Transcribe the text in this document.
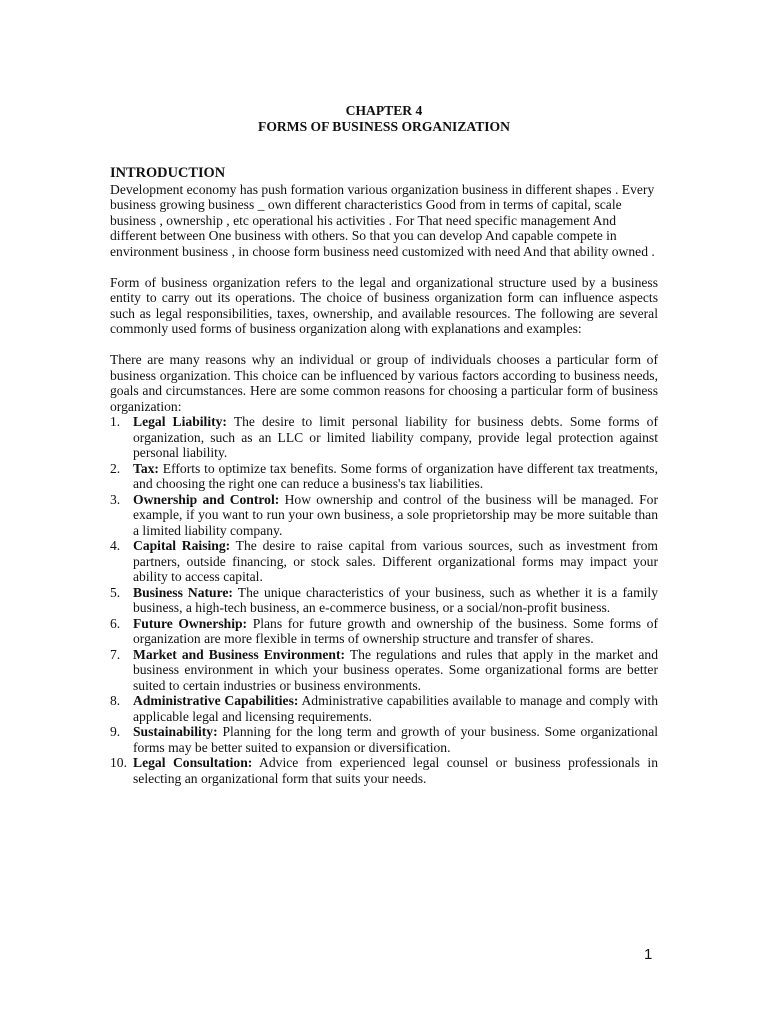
CHAPTER 4
FORMS OF BUSINESS ORGANIZATION
INTRODUCTION

Development economy has push formation various organization business in different shapes . Every business growing business _ own different characteristics Good from in terms of capital, scale business , ownership , etc operational his activities . For That need specific management And different between One business with others. So that you can develop And capable compete in environment business , in choose form business need customized with need And that ability owned .

Form of business organization refers to the legal and organizational structure used by a business entity to carry out its operations. The choice of business organization form can influence aspects such as legal responsibilities, taxes, ownership, and available resources. The following are several commonly used forms of business organization along with explanations and examples:

There are many reasons why an individual or group of individuals chooses a particular form of business organization. This choice can be influenced by various factors according to business needs, goals and circumstances. Here are some common reasons for choosing a particular form of business organization:

1. Legal Liability: The desire to limit personal liability for business debts. Some forms of organization, such as an LLC or limited liability company, provide legal protection against personal liability.
2. Tax: Efforts to optimize tax benefits. Some forms of organization have different tax treatments, and choosing the right one can reduce a business's tax liabilities.
3. Ownership and Control: How ownership and control of the business will be managed. For example, if you want to run your own business, a sole proprietorship may be more suitable than a limited liability company.
4. Capital Raising: The desire to raise capital from various sources, such as investment from partners, outside financing, or stock sales. Different organizational forms may impact your ability to access capital.
5. Business Nature: The unique characteristics of your business, such as whether it is a family business, a high-tech business, an e-commerce business, or a social/non-profit business.
6. Future Ownership: Plans for future growth and ownership of the business. Some forms of organization are more flexible in terms of ownership structure and transfer of shares.
7. Market and Business Environment: The regulations and rules that apply in the market and business environment in which your business operates. Some organizational forms are better suited to certain industries or business environments.
8. Administrative Capabilities: Administrative capabilities available to manage and comply with applicable legal and licensing requirements.
9. Sustainability: Planning for the long term and growth of your business. Some organizational forms may be better suited to expansion or diversification.
10. Legal Consultation: Advice from experienced legal counsel or business professionals in selecting an organizational form that suits your needs.
1
